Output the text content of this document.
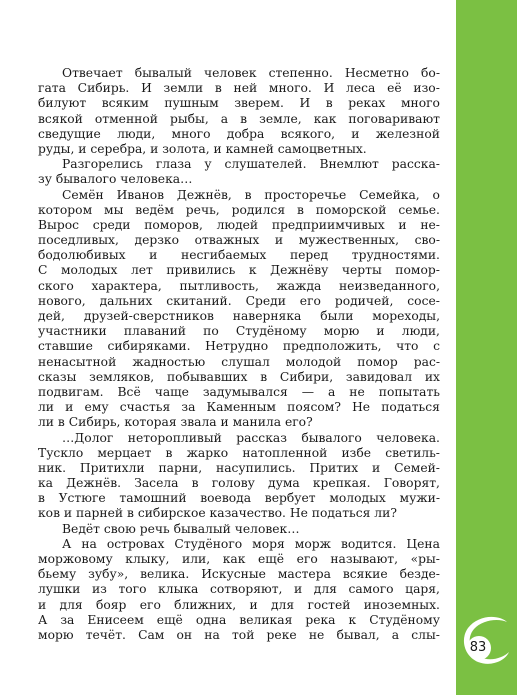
Отвечает бывалый человек степенно. Несметно бо-
гата Сибирь. И земли в ней много. И леса её изо-
билуют всяким пушным зверем. И в реках много
всякой отменной рыбы, а в земле, как поговаривают
сведущие люди, много добра всякого, и железной
руды, и серебра, и золота, и камней самоцветных.
Разгорелись глаза у слушателей. Внемлют расска-
зу бывалого человека…
Семён Иванов Дежнёв, в просторечье Семейка, о
котором мы ведём речь, родился в поморской семье.
Вырос среди поморов, людей предприимчивых и не-
поседливых, дерзко отважных и мужественных, сво-
бодолюбивых и несгибаемых перед трудностями.
С молодых лет привились к Дежнёву черты помор-
ского характера, пытливость, жажда неизведанного,
нового, дальних скитаний. Среди его родичей, сосе-
дей, друзей-сверстников наверняка были мореходы,
участники плаваний по Студёному морю и люди,
ставшие сибиряками. Нетрудно предположить, что с
ненасытной жадностью слушал молодой помор рас-
сказы земляков, побывавших в Сибири, завидовал их
подвигам. Всё чаще задумывался — а не попытать
ли и ему счастья за Каменным поясом? Не податься
ли в Сибирь, которая звала и манила его?
…Долог неторопливый рассказ бывалого человека.
Тускло мерцает в жарко натопленной избе светиль-
ник. Притихли парни, насупились. Притих и Семей-
ка Дежнёв. Засела в голову дума крепкая. Говорят,
в Устюге тамошний воевода вербует молодых мужи-
ков и парней в сибирское казачество. Не податься ли?
Ведёт свою речь бывалый человек…
А на островах Студёного моря морж водится. Цена
моржовому клыку, или, как ещё его называют, «ры-
бьему зубу», велика. Искусные мастера всякие безде-
лушки из того клыка сотворяют, и для самого царя,
и для бояр его ближних, и для гостей иноземных.
А за Енисеем ещё одна великая река к Студёному
морю течёт. Сам он на той реке не бывал, а слы-
83
